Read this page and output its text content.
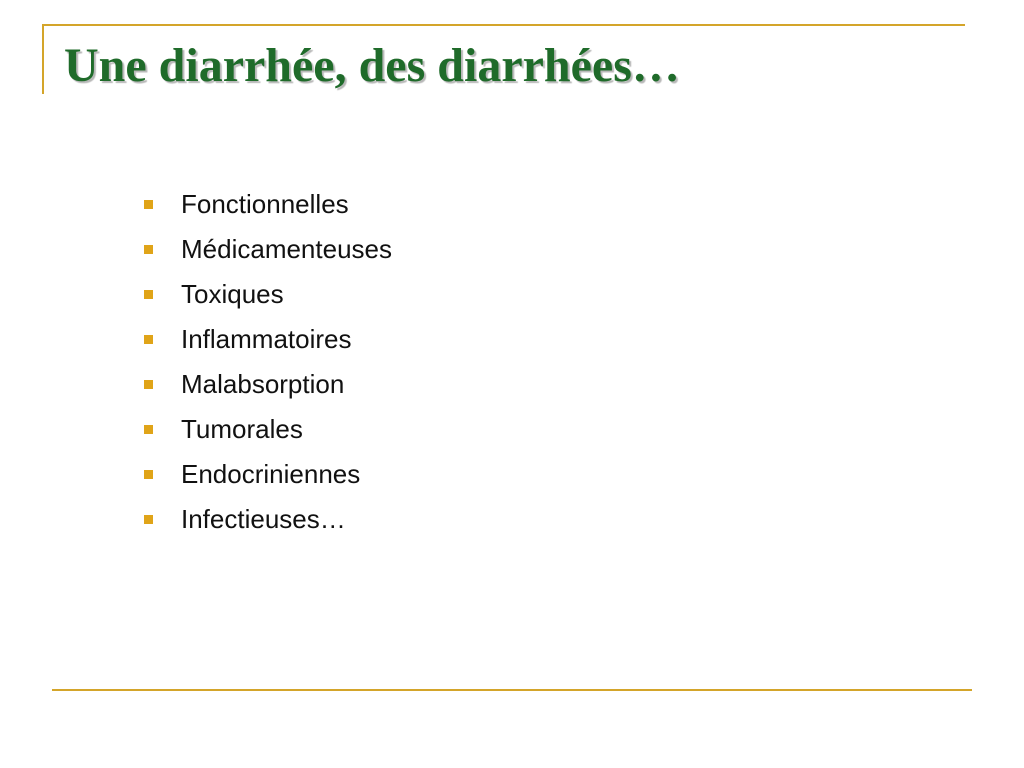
Une diarrhée, des diarrhées…
Fonctionnelles
Médicamenteuses
Toxiques
Inflammatoires
Malabsorption
Tumorales
Endocriniennes
Infectieuses…
